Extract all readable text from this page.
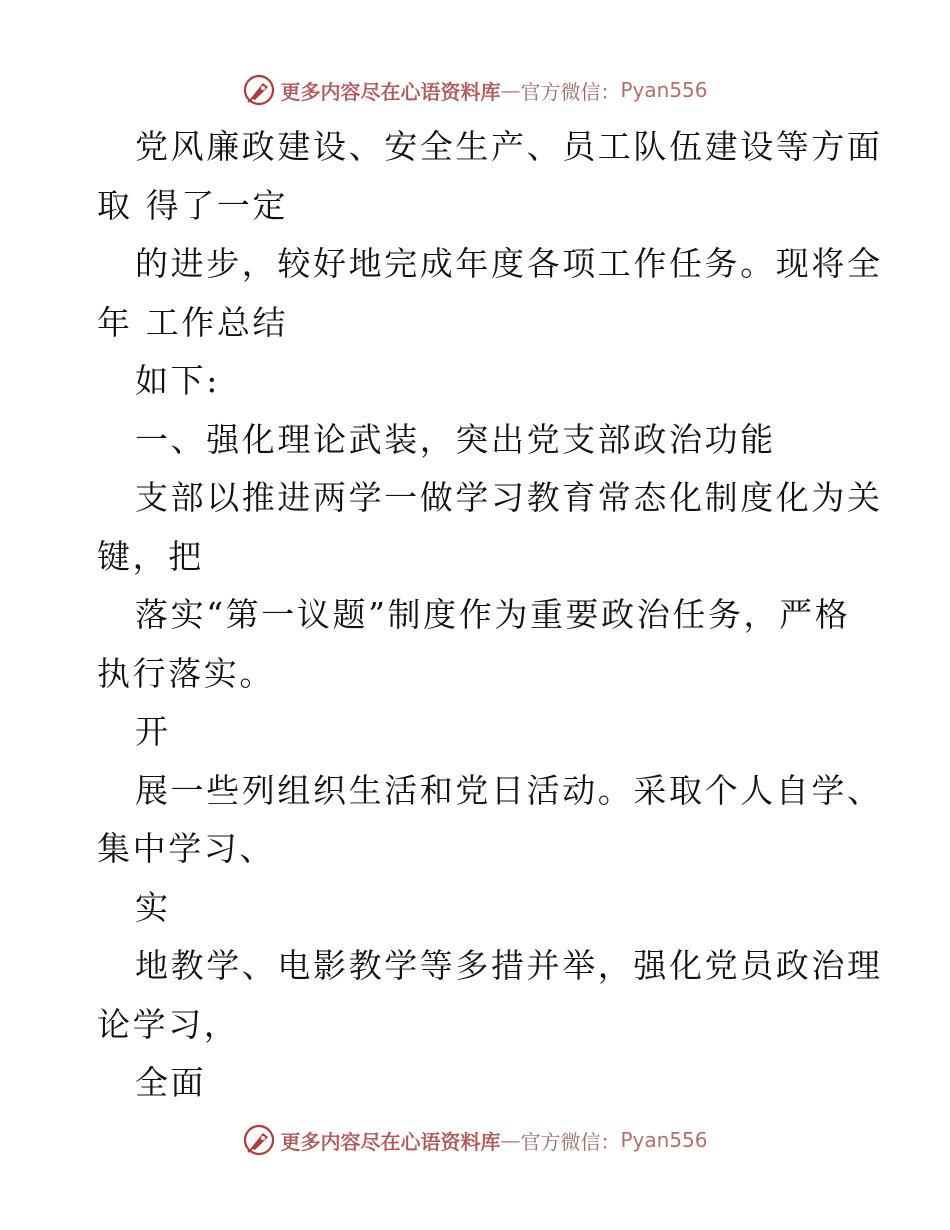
更多内容尽在心语资料库 — 官方微信： Pyan556
党风廉政建设、安全生产、员工队伍建设等方面
取 得了一定
的进步，较好地完成年度各项工作任务。现将全
年 工作总结
如下:
一、强化理论武装，突出党支部政治功能
支部以推进两学一做学习教育常态化制度化为关
键，把
落实“第一议题”制度作为重要政治任务，严格
执行落实。
开
展一些列组织生活和党日活动。采取个人自学、
集中学习、
实
地教学、电影教学等多措并举，强化党员政治理
论学习，
全面
更多内容尽在心语资料库 — 官方微信： Pyan556
